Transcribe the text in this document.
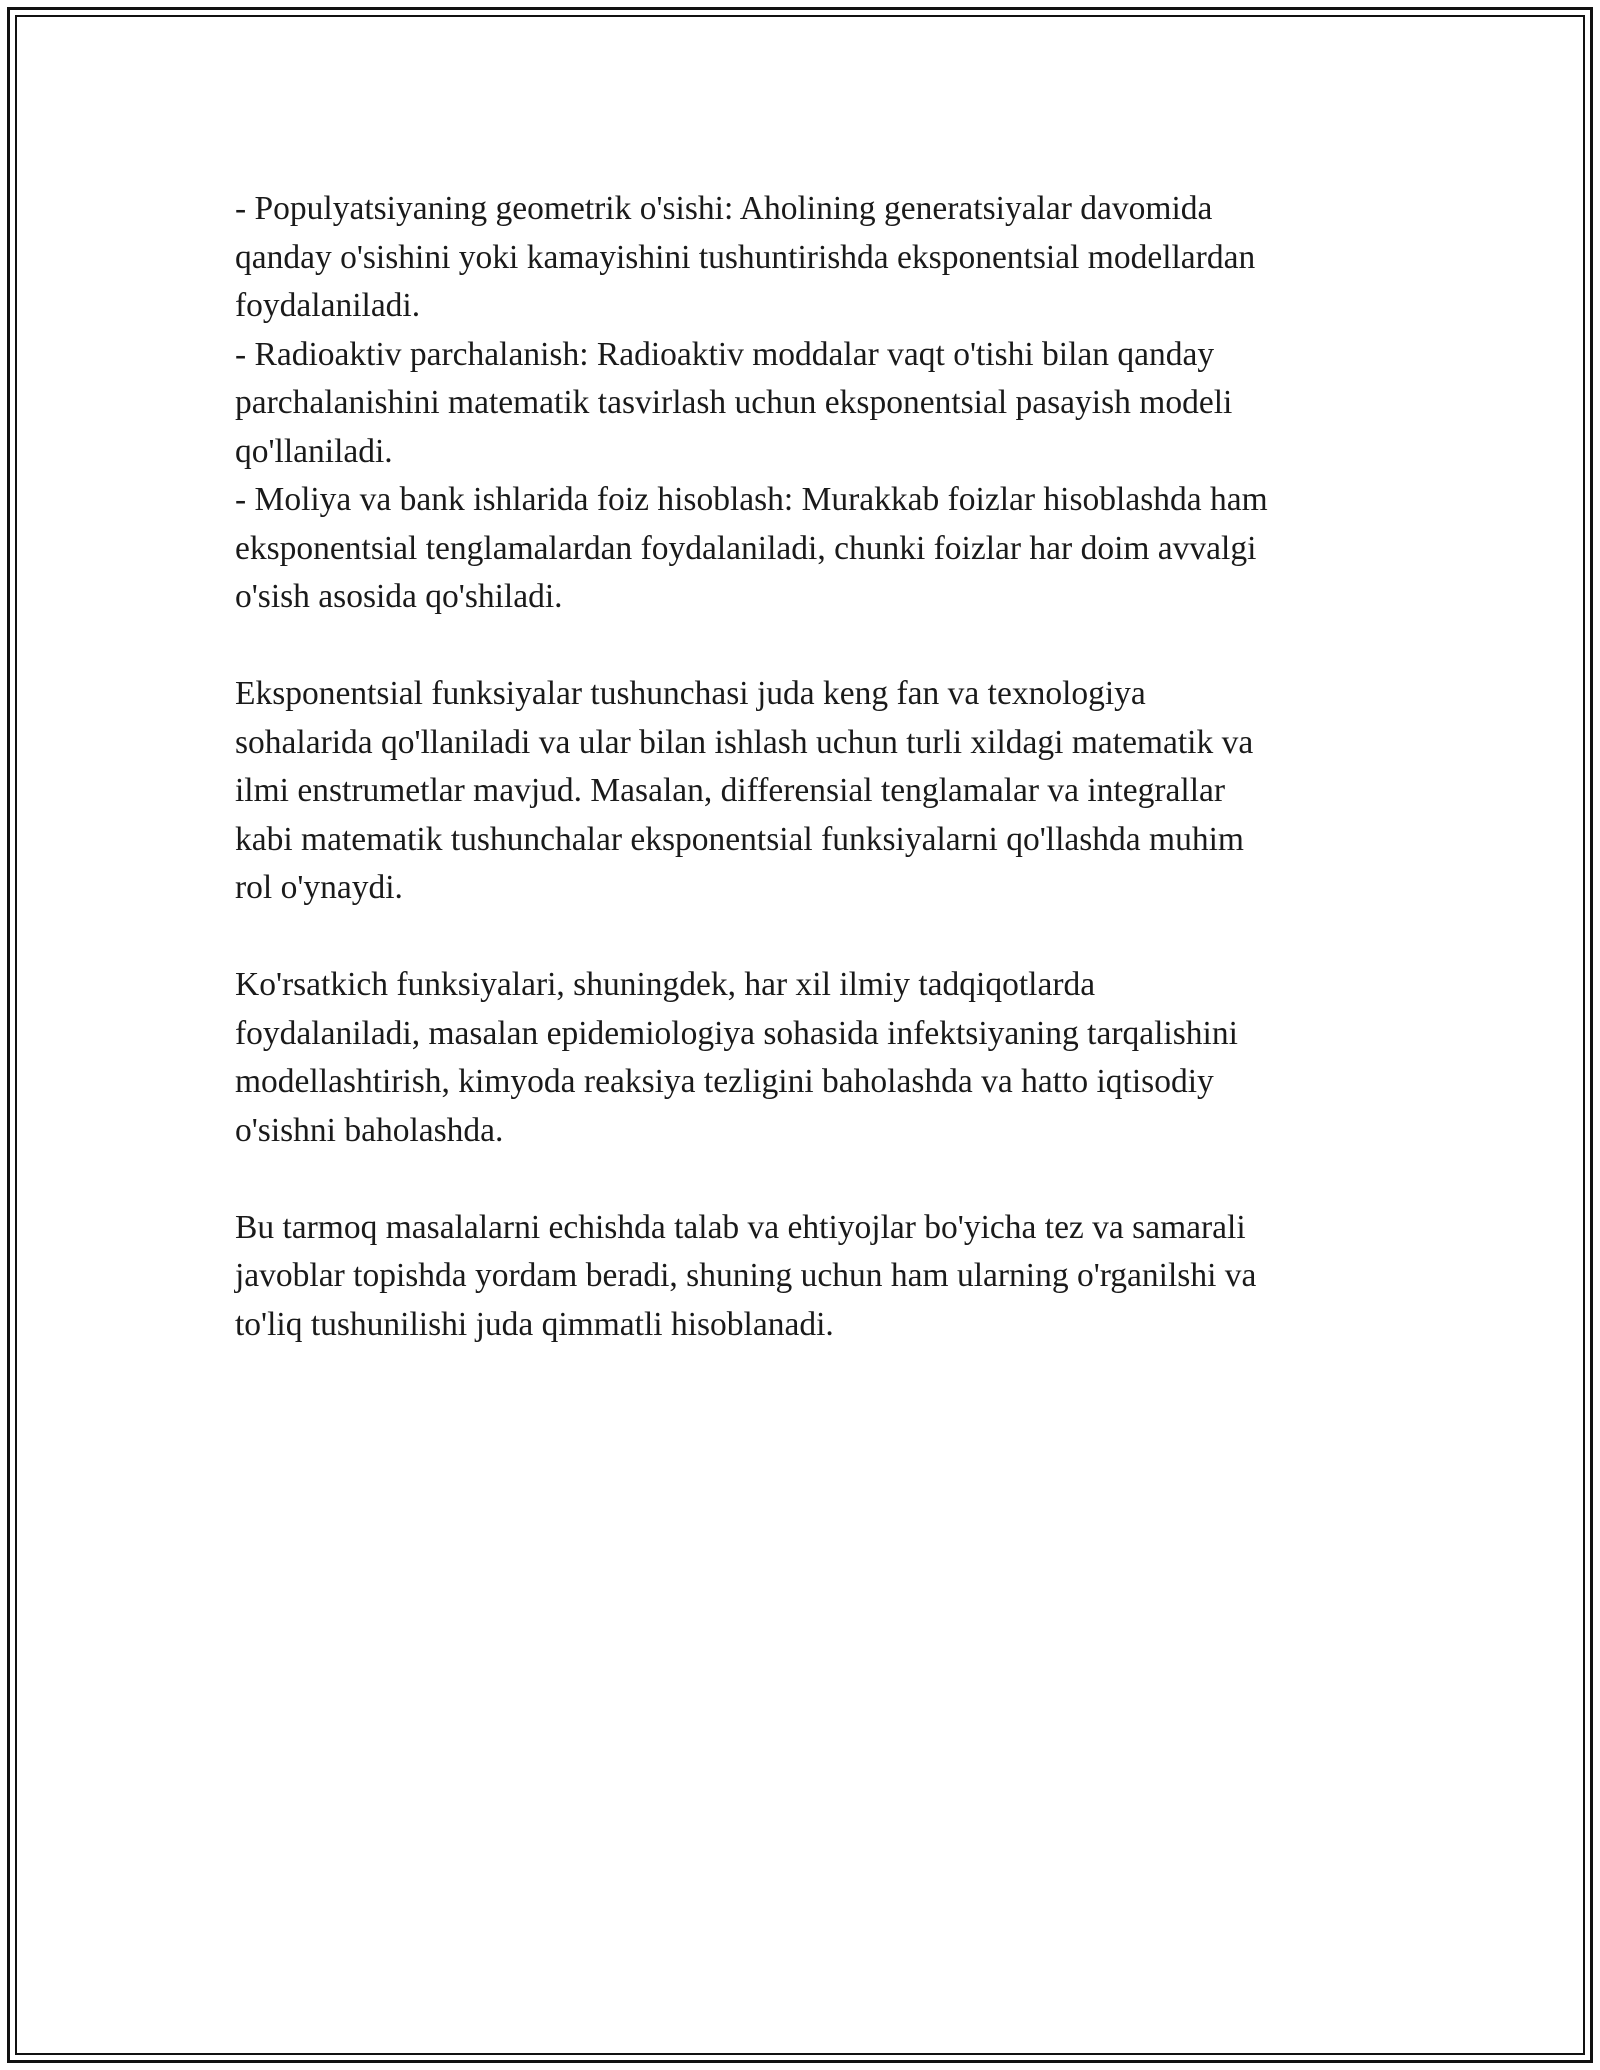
- Populyatsiyaning geometrik o'sishi: Aholining generatsiyalar davomida

qanday o'sishini yoki kamayishini tushuntirishda eksponentsial modellardan

foydalaniladi.

- Radioaktiv parchalanish: Radioaktiv moddalar vaqt o'tishi bilan qanday

parchalanishini matematik tasvirlash uchun eksponentsial pasayish modeli

qo'llaniladi.

- Moliya va bank ishlarida foiz hisoblash: Murakkab foizlar hisoblashda ham

eksponentsial tenglamalardan foydalaniladi, chunki foizlar har doim avvalgi

o'sish asosida qo'shiladi.

Eksponentsial funksiyalar tushunchasi juda keng fan va texnologiya

sohalarida qo'llaniladi va ular bilan ishlash uchun turli xildagi matematik va

ilmi enstrumetlar mavjud. Masalan, differensial tenglamalar va integrallar

kabi matematik tushunchalar eksponentsial funksiyalarni qo'llashda muhim

rol o'ynaydi.

Ko'rsatkich funksiyalari, shuningdek, har xil ilmiy tadqiqotlarda

foydalaniladi, masalan epidemiologiya sohasida infektsiyaning tarqalishini

modellashtirish, kimyoda reaksiya tezligini baholashda va hatto iqtisodiy

o'sishni baholashda.

Bu tarmoq masalalarni echishda talab va ehtiyojlar bo'yicha tez va samarali

javoblar topishda yordam beradi, shuning uchun ham ularning o'rganilshi va

to'liq tushunilishi juda qimmatli hisoblanadi.
